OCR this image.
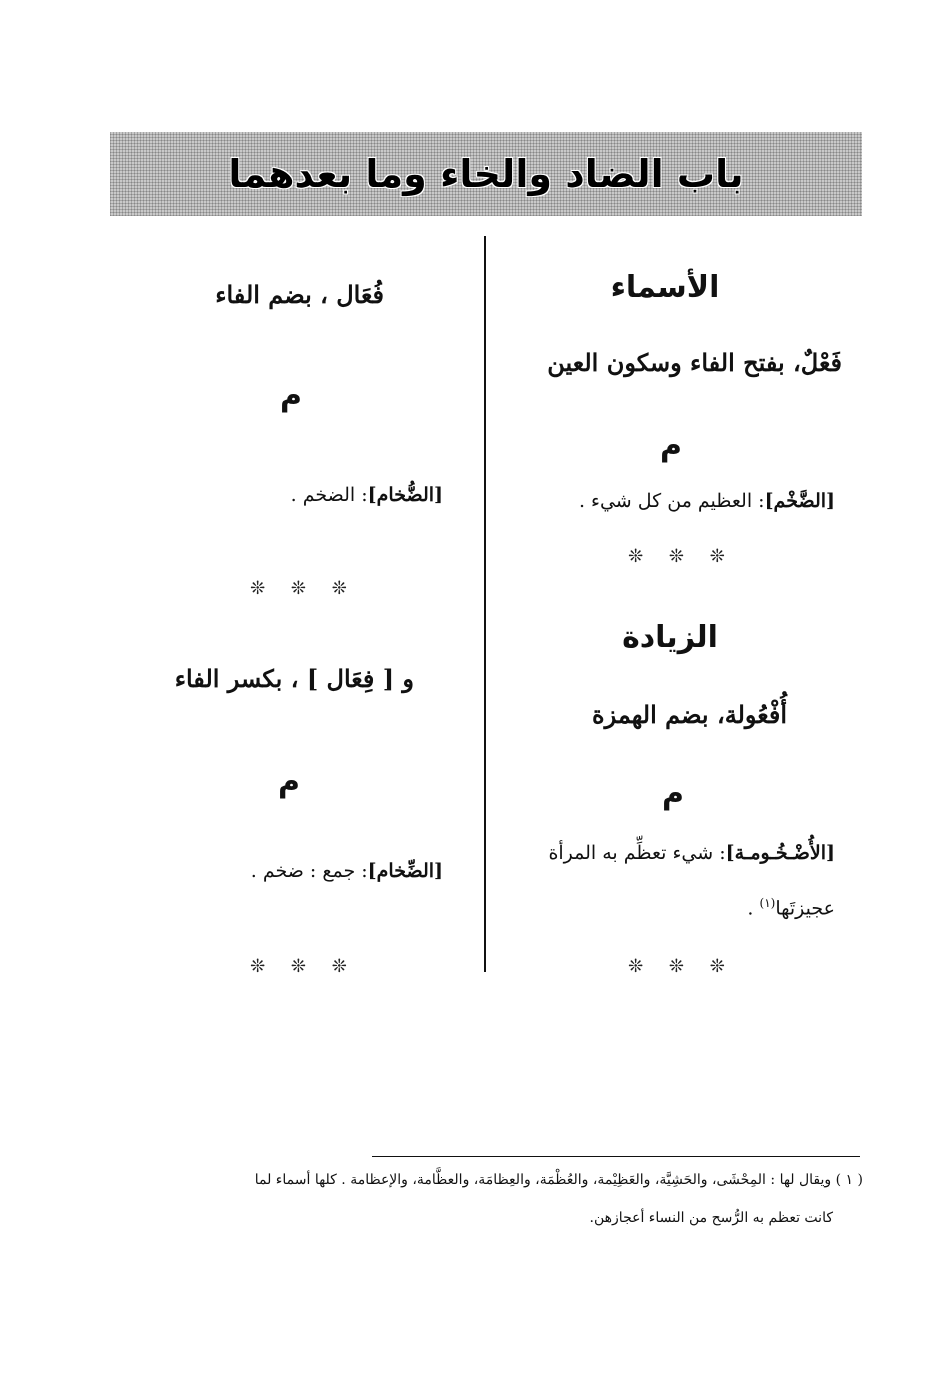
باب الضاد والخاء وما بعدهما
الأسماء
فَعْلٌ، بفتح الفاء وسكون العين
م
[الضَّخْم]: العظيم من كل شيء .
❊ ❊ ❊
الزيادة
أُفْعُولة، بضم الهمزة
م
[الأُضْـخُـومـة]: شيء تعظِّم به المرأة
عجيزتَها$^{(١)}$ .
❊ ❊ ❊
فُعَال ، بضم الفاء
م
[الضُّخام]: الضخم .
❊ ❊ ❊
و [ فِعَال ] ، بكسر الفاء
م
[الضِّخام]: جمع : ضخم .
❊ ❊ ❊
( ١ ) ويقال لها : المِحْشَى، والحَشِيَّة، والعَظِيْمة، والعُظْمَة، والعِظامَة، والعظَّامة، والإعظامة . كلها أسماء لما
كانت تعظم به الرُّسح من النساء أعجازهن.
